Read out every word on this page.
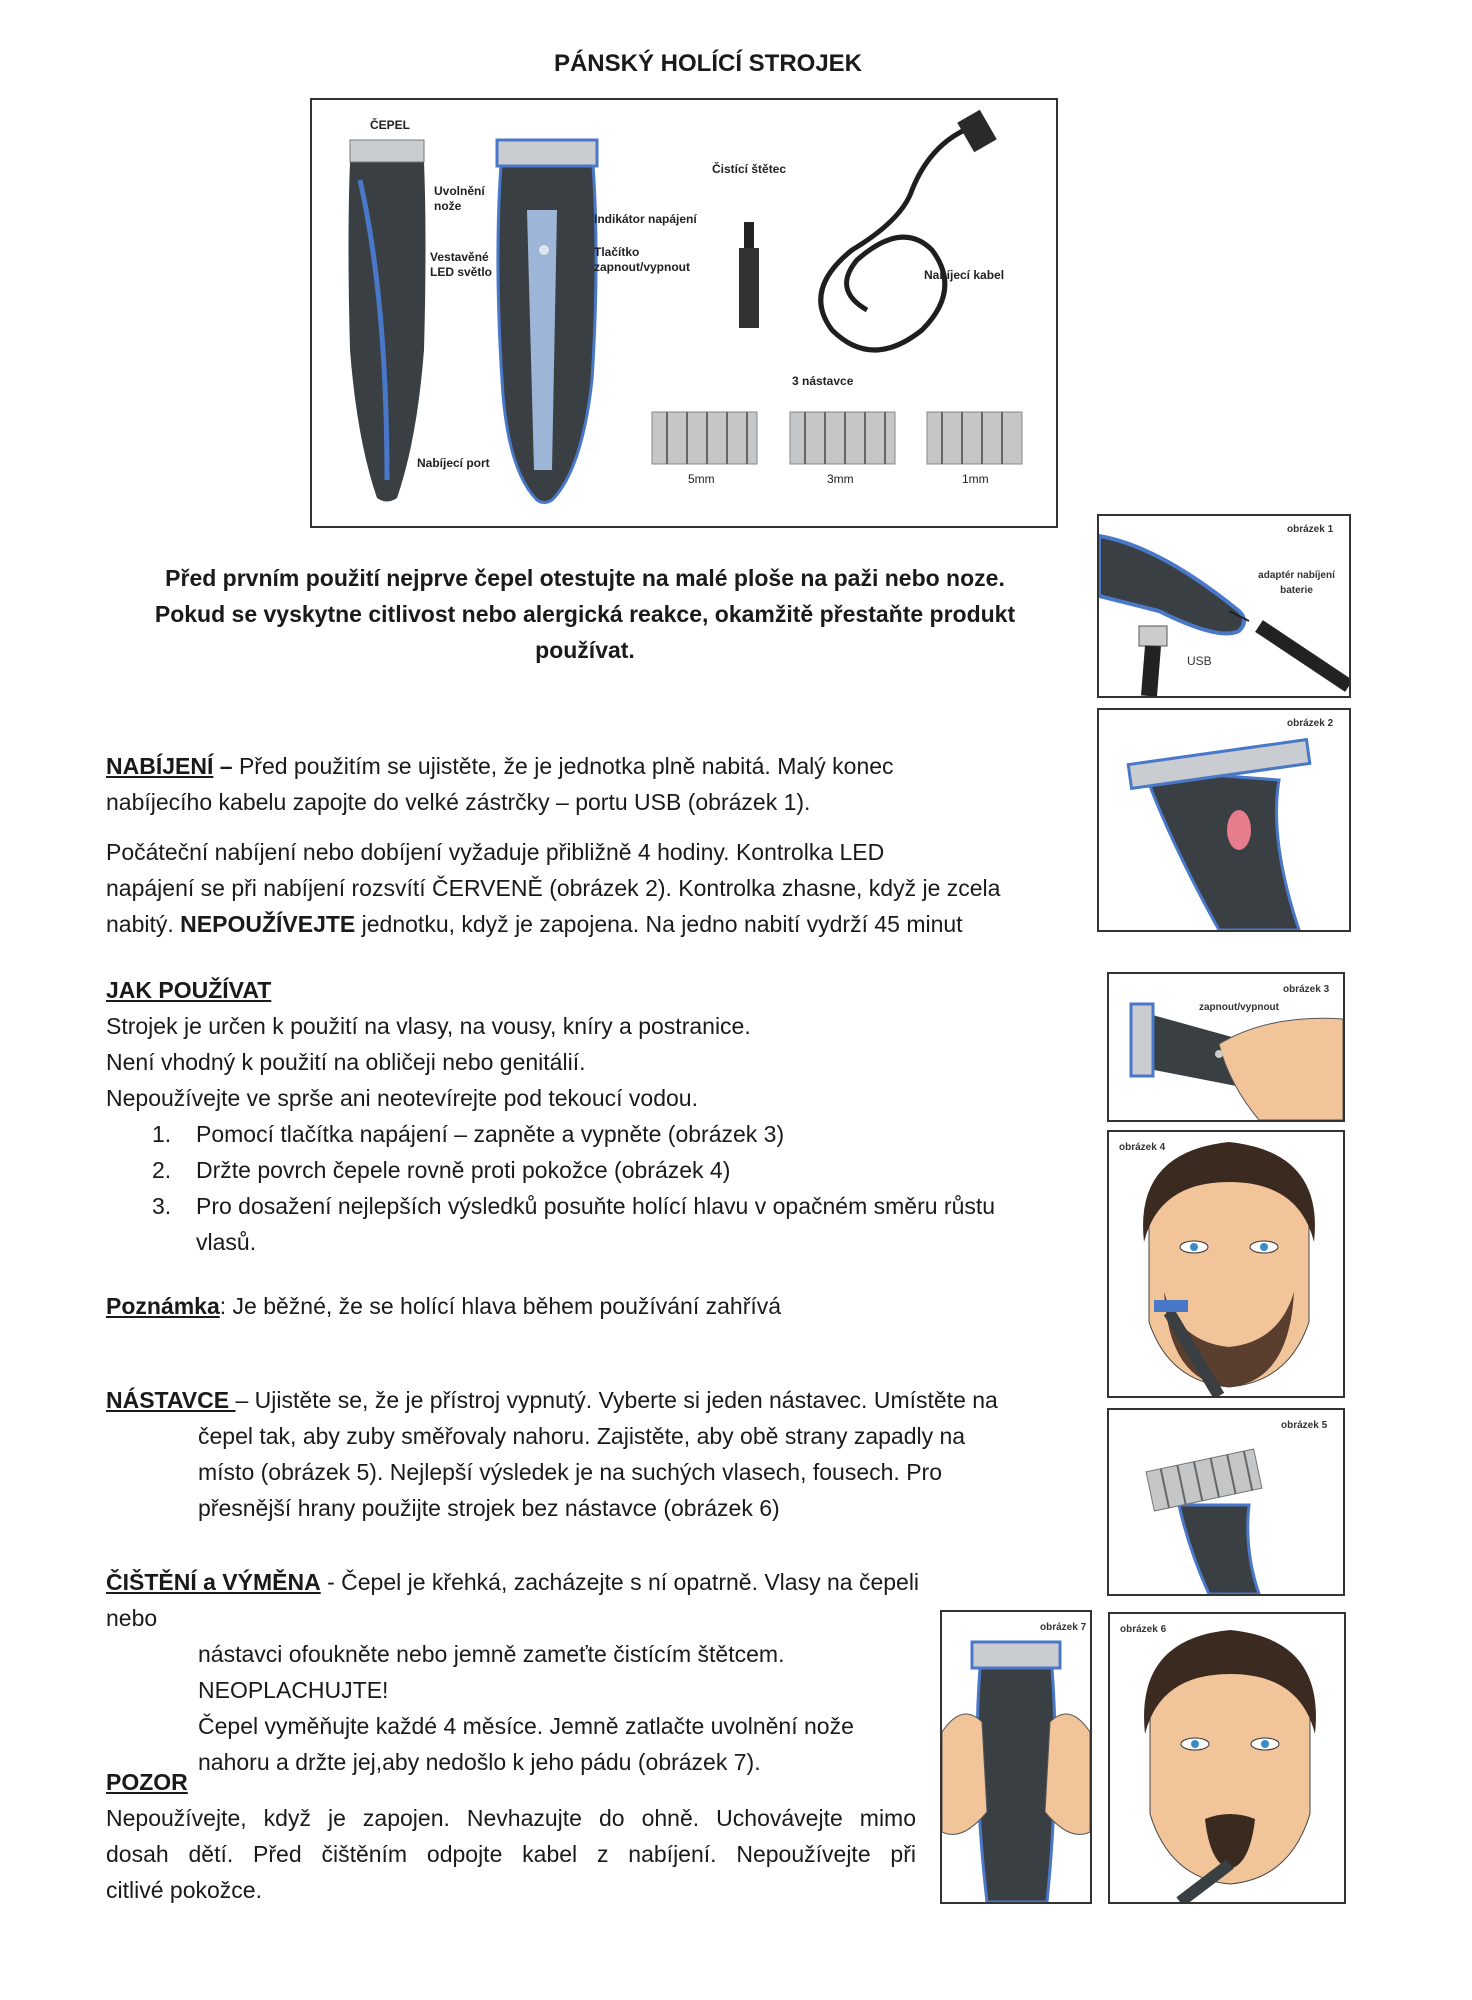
PÁNSKÝ HOLÍCÍ STROJEK
ČEPEL
Uvolnění nože
Vestavěné LED světlo
Nabíjecí port
Indikátor napájení
Tlačítko zapnout/vypnout
Čistící štětec
Nabíjecí kabel
3 nástavce
5mm	3mm	1mm
obrázek 1
adaptér nabíjení baterie
USB
obrázek 2
obrázek 3
zapnout/vypnout
obrázek 4
obrázek 5
obrázek 7	obrázek 6
Před prvním použití nejprve čepel otestujte na malé ploše na paži nebo noze.
Pokud se vyskytne citlivost nebo alergická reakce, okamžitě přestaňte produkt
používat.
NABÍJENÍ – Před použitím se ujistěte, že je jednotka plně nabitá. Malý konec
nabíjecího kabelu zapojte do velké zástrčky – portu USB (obrázek 1).
Počáteční nabíjení nebo dobíjení vyžaduje přibližně 4 hodiny. Kontrolka LED
napájení se při nabíjení rozsvítí ČERVENĚ (obrázek 2). Kontrolka zhasne, když je zcela
nabitý. NEPOUŽÍVEJTE jednotku, když je zapojena. Na jedno nabití vydrží 45 minut
JAK POUŽÍVAT
Strojek je určen k použití na vlasy, na vousy, kníry a postranice.
Není vhodný k použití na obličeji nebo genitálií.
Nepoužívejte ve sprše ani neotevírejte pod tekoucí vodou.
1. Pomocí tlačítka napájení – zapněte a vypněte (obrázek 3)
2. Držte povrch čepele rovně proti pokožce (obrázek 4)
3. Pro dosažení nejlepších výsledků posuňte holící hlavu v opačném směru růstu
vlasů.
Poznámka: Je běžné, že se holící hlava během používání zahřívá
NÁSTAVCE – Ujistěte se, že je přístroj vypnutý. Vyberte si jeden nástavec. Umístěte na
čepel tak, aby zuby směřovaly nahoru. Zajistěte, aby obě strany zapadly na
místo (obrázek 5). Nejlepší výsledek je na suchých vlasech, fousech. Pro
přesnější hrany použijte strojek bez nástavce (obrázek 6)
ČIŠTĚNÍ a VÝMĚNA - Čepel je křehká, zacházejte s ní opatrně. Vlasy na čepeli nebo
nástavci ofoukněte nebo jemně zameťte čistícím štětcem.
NEOPLACHUJTE!
Čepel vyměňujte každé 4 měsíce. Jemně zatlačte uvolnění nože
nahoru a držte jej,aby nedošlo k jeho pádu (obrázek 7).
POZOR
Nepoužívejte, když je zapojen. Nevhazujte do ohně. Uchovávejte mimo
dosah dětí. Před čištěním odpojte kabel z nabíjení. Nepoužívejte při
citlivé pokožce.
